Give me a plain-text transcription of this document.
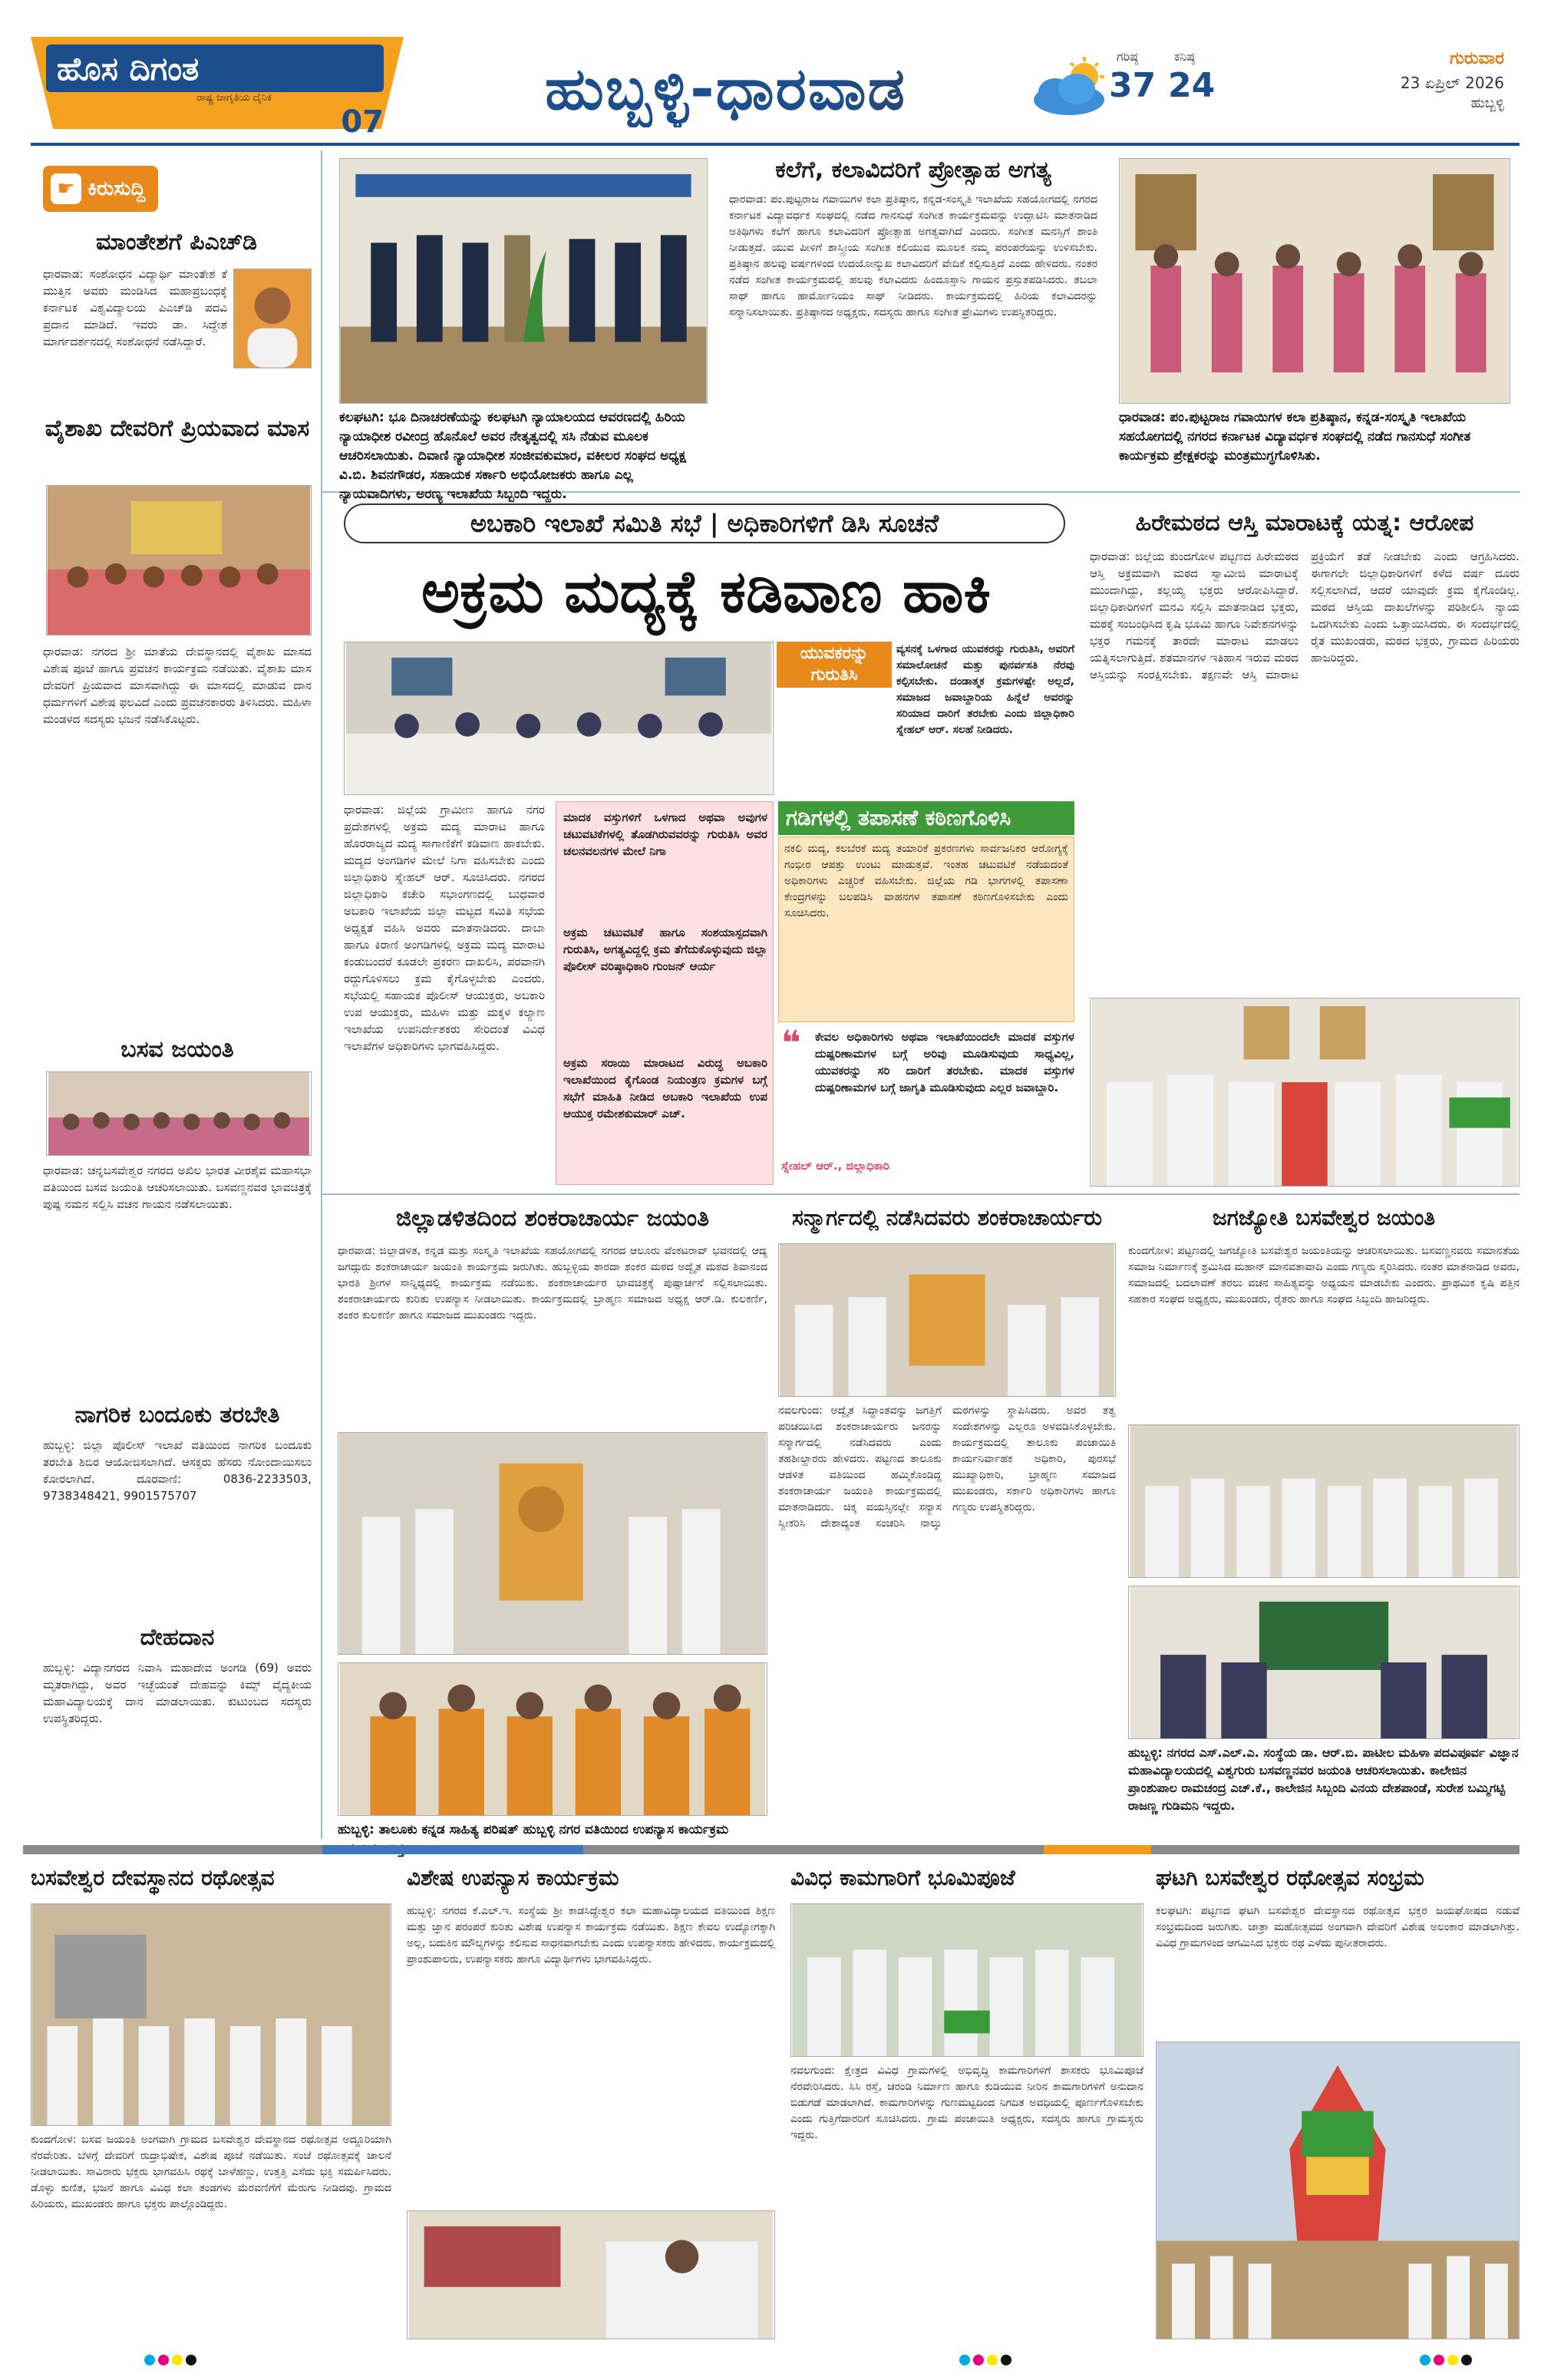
ಹೊಸ ದಿಗಂತ
ರಾಷ್ಟ್ರ ಜಾಗೃತಿಯ ದೈನಿಕ
07	ಹುಬ್ಬಳ್ಳಿ-ಧಾರವಾಡ	ಗರಿಷ್ಠ
37
ಕನಿಷ್ಠ
24
ಗುರುವಾರ
23 ಏಪ್ರಿಲ್ 2026
ಹುಬ್ಬಳ್ಳಿ
ಕಿರುಸುದ್ದಿ
☛
ಮಾಂತೇಶಗೆ ಪಿಎಚ್‌ಡಿ
ಧಾರವಾಡ: ಸಂಶೋಧನ ವಿದ್ಯಾರ್ಥಿ ಮಾಂತೇಶ ಕೆ ಮುತ್ತಿನ ಅವರು ಮಂಡಿಸಿದ ಮಹಾಪ್ರಬಂಧಕ್ಕೆ ಕರ್ನಾಟಕ ವಿಶ್ವವಿದ್ಯಾಲಯ ಪಿಎಚ್‌ಡಿ ಪದವಿ ಪ್ರದಾನ ಮಾಡಿದೆ. ಇವರು ಡಾ. ಸಿದ್ದೇಶ ಮಾರ್ಗದರ್ಶನದಲ್ಲಿ ಸಂಶೋಧನೆ ನಡೆಸಿದ್ದಾರೆ.
ವೈಶಾಖ ದೇವರಿಗೆ ಪ್ರಿಯವಾದ ಮಾಸ
ಧಾರವಾಡ: ನಗರದ ಶ್ರೀ ಮಾತೆಯ ದೇವಸ್ಥಾನದಲ್ಲಿ ವೈಶಾಖ ಮಾಸದ ವಿಶೇಷ ಪೂಜೆ ಹಾಗೂ ಪ್ರವಚನ ಕಾರ್ಯಕ್ರಮ ನಡೆಯಿತು. ವೈಶಾಖ ಮಾಸ ದೇವರಿಗೆ ಪ್ರಿಯವಾದ ಮಾಸವಾಗಿದ್ದು ಈ ಮಾಸದಲ್ಲಿ ಮಾಡುವ ದಾನ ಧರ್ಮಗಳಿಗೆ ವಿಶೇಷ ಫಲವಿದೆ ಎಂದು ಪ್ರವಚನಕಾರರು ತಿಳಿಸಿದರು. ಮಹಿಳಾ ಮಂಡಳದ ಸದಸ್ಯರು ಭಜನೆ ನಡೆಸಿಕೊಟ್ಟರು.
ಬಸವ ಜಯಂತಿ
ಧಾರವಾಡ: ಚನ್ನಬಸವೇಶ್ವರ ನಗರದ ಅಖಿಲ ಭಾರತ ವೀರಶೈವ ಮಹಾಸಭಾ ವತಿಯಿಂದ ಬಸವ ಜಯಂತಿ ಆಚರಿಸಲಾಯಿತು. ಬಸವಣ್ಣನವರ ಭಾವಚಿತ್ರಕ್ಕೆ ಪುಷ್ಪ ನಮನ ಸಲ್ಲಿಸಿ ವಚನ ಗಾಯನ ನಡೆಸಲಾಯಿತು.
ನಾಗರಿಕ ಬಂದೂಕು ತರಬೇತಿ
ಹುಬ್ಬಳ್ಳಿ: ಜಿಲ್ಲಾ ಪೊಲೀಸ್ ಇಲಾಖೆ ವತಿಯಿಂದ ನಾಗರಿಕ ಬಂದೂಕು ತರಬೇತಿ ಶಿಬಿರ ಆಯೋಜಿಸಲಾಗಿದೆ. ಆಸಕ್ತರು ಹೆಸರು ನೋಂದಾಯಿಸಲು ಕೋರಲಾಗಿದೆ. ದೂರವಾಣಿ: 0836-2233503, 9738348421, 9901575707
ದೇಹದಾನ
ಹುಬ್ಬಳ್ಳಿ: ವಿದ್ಯಾನಗರದ ನಿವಾಸಿ ಮಹಾದೇವ ಅಂಗಡಿ (69) ಅವರು ಮೃತರಾಗಿದ್ದು, ಅವರ ಇಚ್ಛೆಯಂತೆ ದೇಹವನ್ನು ಕಿಮ್ಸ್ ವೈದ್ಯಕೀಯ ಮಹಾವಿದ್ಯಾಲಯಕ್ಕೆ ದಾನ ಮಾಡಲಾಯಿತು. ಕುಟುಂಬದ ಸದಸ್ಯರು ಉಪಸ್ಥಿತರಿದ್ದರು.
ಕಲಘಟಗಿ: ಭೂ ದಿನಾಚರಣೆಯನ್ನು ಕಲಘಟಗಿ ನ್ಯಾಯಾಲಯದ ಆವರಣದಲ್ಲಿ ಹಿರಿಯ ನ್ಯಾಯಾಧೀಶ ರವೀಂದ್ರ ಹೊನೊಲೆ ಅವರ ನೇತೃತ್ವದಲ್ಲಿ ಸಸಿ ನೆಡುವ ಮೂಲಕ ಆಚರಿಸಲಾಯಿತು. ದಿವಾಣಿ ನ್ಯಾಯಾಧೀಶ ಸಂಜೀವಕುಮಾರ, ವಕೀಲರ ಸಂಘದ ಅಧ್ಯಕ್ಷ ವಿ.ಬಿ. ಶಿವನಗೌಡರ, ಸಹಾಯಕ ಸರ್ಕಾರಿ ಅಭಿಯೋಜಕರು ಹಾಗೂ ಎಲ್ಲ ನ್ಯಾಯವಾದಿಗಳು, ಅರಣ್ಯ ಇಲಾಖೆಯ ಸಿಬ್ಬಂದಿ ಇದ್ದರು.
ಕಲೆಗೆ, ಕಲಾವಿದರಿಗೆ ಪ್ರೋತ್ಸಾಹ ಅಗತ್ಯ
ಧಾರವಾಡ: ಪಂ.ಪುಟ್ಟರಾಜ ಗವಾಯಿಗಳ ಕಲಾ ಪ್ರತಿಷ್ಠಾನ, ಕನ್ನಡ-ಸಂಸ್ಕೃತಿ ಇಲಾಖೆಯ ಸಹಯೋಗದಲ್ಲಿ ನಗರದ ಕರ್ನಾಟಕ ವಿದ್ಯಾವರ್ಧಕ ಸಂಘದಲ್ಲಿ ನಡೆದ ಗಾನಸುಧೆ ಸಂಗೀತ ಕಾರ್ಯಕ್ರಮವನ್ನು ಉದ್ಘಾಟಿಸಿ ಮಾತನಾಡಿದ ಅತಿಥಿಗಳು ಕಲೆಗೆ ಹಾಗೂ ಕಲಾವಿದರಿಗೆ ಪ್ರೋತ್ಸಾಹ ಅಗತ್ಯವಾಗಿದೆ ಎಂದರು. ಸಂಗೀತ ಮನಸ್ಸಿಗೆ ಶಾಂತಿ ನೀಡುತ್ತದೆ. ಯುವ ಪೀಳಿಗೆ ಶಾಸ್ತ್ರೀಯ ಸಂಗೀತ ಕಲಿಯುವ ಮೂಲಕ ನಮ್ಮ ಪರಂಪರೆಯನ್ನು ಉಳಿಸಬೇಕು. ಪ್ರತಿಷ್ಠಾನ ಹಲವು ವರ್ಷಗಳಿಂದ ಉದಯೋನ್ಮುಖ ಕಲಾವಿದರಿಗೆ ವೇದಿಕೆ ಕಲ್ಪಿಸುತ್ತಿದೆ ಎಂದು ಹೇಳಿದರು. ನಂತರ ನಡೆದ ಸಂಗೀತ ಕಾರ್ಯಕ್ರಮದಲ್ಲಿ ಹಲವು ಕಲಾವಿದರು ಹಿಂದೂಸ್ತಾನಿ ಗಾಯನ ಪ್ರಸ್ತುತಪಡಿಸಿದರು. ತಬಲಾ ಸಾಥ್ ಹಾಗೂ ಹಾರ್ಮೋನಿಯಂ ಸಾಥ್ ನೀಡಿದರು. ಕಾರ್ಯಕ್ರಮದಲ್ಲಿ ಹಿರಿಯ ಕಲಾವಿದರನ್ನು ಸನ್ಮಾನಿಸಲಾಯಿತು. ಪ್ರತಿಷ್ಠಾನದ ಅಧ್ಯಕ್ಷರು, ಸದಸ್ಯರು ಹಾಗೂ ಸಂಗೀತ ಪ್ರೇಮಿಗಳು ಉಪಸ್ಥಿತರಿದ್ದರು.
ಧಾರವಾಡ: ಪಂ.ಪುಟ್ಟರಾಜ ಗವಾಯಿಗಳ ಕಲಾ ಪ್ರತಿಷ್ಠಾನ, ಕನ್ನಡ-ಸಂಸ್ಕೃತಿ ಇಲಾಖೆಯ ಸಹಯೋಗದಲ್ಲಿ ನಗರದ ಕರ್ನಾಟಕ ವಿದ್ಯಾವರ್ಧಕ ಸಂಘದಲ್ಲಿ ನಡೆದ ಗಾನಸುಧೆ ಸಂಗೀತ ಕಾರ್ಯಕ್ರಮ ಪ್ರೇಕ್ಷಕರನ್ನು ಮಂತ್ರಮುಗ್ಧಗೊಳಿಸಿತು.
ಅಬಕಾರಿ ಇಲಾಖೆ ಸಮಿತಿ ಸಭೆ | ಅಧಿಕಾರಿಗಳಿಗೆ ಡಿಸಿ ಸೂಚನೆ
ಅಕ್ರಮ ಮದ್ಯಕ್ಕೆ ಕಡಿವಾಣ ಹಾಕಿ
ಯುವಕರನ್ನು ಗುರುತಿಸಿ
ವ್ಯಸನಕ್ಕೆ ಒಳಗಾದ ಯುವಕರನ್ನು ಗುರುತಿಸಿ, ಅವರಿಗೆ ಸಮಾಲೋಚನೆ ಮತ್ತು ಪುನರ್ವಸತಿ ನೆರವು ಕಲ್ಪಿಸಬೇಕು. ದಂಡಾತ್ಮಕ ಕ್ರಮಗಳಷ್ಟೇ ಅಲ್ಲದೆ, ಸಮಾಜದ ಜವಾಬ್ದಾರಿಯ ಹಿನ್ನೆಲೆ ಅವರನ್ನು ಸರಿಯಾದ ದಾರಿಗೆ ತರಬೇಕು ಎಂದು ಜಿಲ್ಲಾಧಿಕಾರಿ ಸ್ನೇಹಲ್ ಆರ್. ಸಲಹೆ ನೀಡಿದರು.
ಧಾರವಾಡ: ಜಿಲ್ಲೆಯ ಗ್ರಾಮೀಣ ಹಾಗೂ ನಗರ ಪ್ರದೇಶಗಳಲ್ಲಿ ಅಕ್ರಮ ಮದ್ಯ ಮಾರಾಟ ಹಾಗೂ ಹೊರರಾಜ್ಯದ ಮದ್ಯ ಸಾಗಾಣಿಕೆಗೆ ಕಡಿವಾಣ ಹಾಕಬೇಕು. ಮದ್ಯದ ಅಂಗಡಿಗಳ ಮೇಲೆ ನಿಗಾ ವಹಿಸಬೇಕು ಎಂದು ಜಿಲ್ಲಾಧಿಕಾರಿ ಸ್ನೇಹಲ್ ಆರ್. ಸೂಚಿಸಿದರು. ನಗರದ ಜಿಲ್ಲಾಧಿಕಾರಿ ಕಚೇರಿ ಸಭಾಂಗಣದಲ್ಲಿ ಬುಧವಾರ ಅಬಕಾರಿ ಇಲಾಖೆಯ ಜಿಲ್ಲಾ ಮಟ್ಟದ ಸಮಿತಿ ಸಭೆಯ ಅಧ್ಯಕ್ಷತೆ ವಹಿಸಿ ಅವರು ಮಾತನಾಡಿದರು. ದಾಬಾ ಹಾಗೂ ಕಿರಾಣಿ ಅಂಗಡಿಗಳಲ್ಲಿ ಅಕ್ರಮ ಮದ್ಯ ಮಾರಾಟ ಕಂಡುಬಂದರೆ ಕೂಡಲೇ ಪ್ರಕರಣ ದಾಖಲಿಸಿ, ಪರವಾನಗಿ ರದ್ದುಗೊಳಿಸಲು ಕ್ರಮ ಕೈಗೊಳ್ಳಬೇಕು ಎಂದರು. ಸಭೆಯಲ್ಲಿ ಸಹಾಯಕ ಪೊಲೀಸ್ ಆಯುಕ್ತರು, ಅಬಕಾರಿ ಉಪ ಆಯುಕ್ತರು, ಮಹಿಳಾ ಮತ್ತು ಮಕ್ಕಳ ಕಲ್ಯಾಣ ಇಲಾಖೆಯ ಉಪನಿರ್ದೇಶಕರು ಸೇರಿದಂತೆ ವಿವಿಧ ಇಲಾಖೆಗಳ ಅಧಿಕಾರಿಗಳು ಭಾಗವಹಿಸಿದ್ದರು.
ಮಾದಕ ವಸ್ತುಗಳಿಗೆ ಒಳಗಾದ ಅಥವಾ ಅವುಗಳ ಚಟುವಟಿಕೆಗಳಲ್ಲಿ ತೊಡಗಿರುವವರನ್ನು ಗುರುತಿಸಿ ಅವರ ಚಲನವಲನಗಳ ಮೇಲೆ ನಿಗಾ
ಅಕ್ರಮ ಚಟುವಟಿಕೆ ಹಾಗೂ ಸಂಶಯಾಸ್ಪದವಾಗಿ ಗುರುತಿಸಿ, ಅಗತ್ಯವಿದ್ದಲ್ಲಿ ಕ್ರಮ ತೆಗೆದುಕೊಳ್ಳುವುದು ಜಿಲ್ಲಾ ಪೊಲೀಸ್ ವರಿಷ್ಠಾಧಿಕಾರಿ ಗುಂಜನ್ ಆರ್ಯ
ಅಕ್ರಮ ಸರಾಯಿ ಮಾರಾಟದ ವಿರುದ್ಧ ಅಬಕಾರಿ ಇಲಾಖೆಯಿಂದ ಕೈಗೊಂಡ ನಿಯಂತ್ರಣ ಕ್ರಮಗಳ ಬಗ್ಗೆ ಸಭೆಗೆ ಮಾಹಿತಿ ನೀಡಿದ ಅಬಕಾರಿ ಇಲಾಖೆಯ ಉಪ ಆಯುಕ್ತ ರಮೇಶಕುಮಾರ್ ಎಚ್.
ಗಡಿಗಳಲ್ಲಿ ತಪಾಸಣೆ ಕಠಿಣಗೊಳಿಸಿ
ನಕಲಿ ಮದ್ಯ, ಕಲಬೆರಕೆ ಮದ್ಯ ತಯಾರಿಕೆ ಪ್ರಕರಣಗಳು ಸಾರ್ವಜನಿಕರ ಆರೋಗ್ಯಕ್ಕೆ ಗಂಭೀರ ಆಪತ್ತು ಉಂಟು ಮಾಡುತ್ತವೆ. ಇಂತಹ ಚಟುವಟಿಕೆ ನಡೆಯದಂತೆ ಅಧಿಕಾರಿಗಳು ಎಚ್ಚರಿಕೆ ವಹಿಸಬೇಕು. ಜಿಲ್ಲೆಯ ಗಡಿ ಭಾಗಗಳಲ್ಲಿ ತಪಾಸಣಾ ಕೇಂದ್ರಗಳನ್ನು ಬಲಪಡಿಸಿ ವಾಹನಗಳ ತಪಾಸಣೆ ಕಠಿಣಗೊಳಿಸಬೇಕು ಎಂದು ಸೂಚಿಸಿದರು.
❝	ಕೇವಲ ಅಧಿಕಾರಿಗಳು ಅಥವಾ ಇಲಾಖೆಯಿಂದಲೇ ಮಾದಕ ವಸ್ತುಗಳ ದುಷ್ಪರಿಣಾಮಗಳ ಬಗ್ಗೆ ಅರಿವು ಮೂಡಿಸುವುದು ಸಾಧ್ಯವಿಲ್ಲ, ಯುವಕರನ್ನು ಸರಿ ದಾರಿಗೆ ತರಬೇಕು. ಮಾದಕ ವಸ್ತುಗಳ ದುಷ್ಪರಿಣಾಮಗಳ ಬಗ್ಗೆ ಜಾಗೃತಿ ಮೂಡಿಸುವುದು ಎಲ್ಲರ ಜವಾಬ್ದಾರಿ.
ಸ್ನೇಹಲ್ ಆರ್., ಜಿಲ್ಲಾಧಿಕಾರಿ
ಹಿರೇಮಠದ ಆಸ್ತಿ ಮಾರಾಟಕ್ಕೆ ಯತ್ನ: ಆರೋಪ
ಧಾರವಾಡ: ಜಿಲ್ಲೆಯ ಕುಂದಗೋಳ ಪಟ್ಟಣದ ಹಿರೇಮಠದ ಆಸ್ತಿ ಅಕ್ರಮವಾಗಿ ಮಠದ ಸ್ವಾಮೀಜಿ ಮಾರಾಟಕ್ಕೆ ಮುಂದಾಗಿದ್ದು, ಕಲ್ಲಯ್ಯ ಭಕ್ತರು ಆರೋಪಿಸಿದ್ದಾರೆ. ಜಿಲ್ಲಾಧಿಕಾರಿಗಳಿಗೆ ಮನವಿ ಸಲ್ಲಿಸಿ ಮಾತನಾಡಿದ ಭಕ್ತರು, ಮಠಕ್ಕೆ ಸಂಬಂಧಿಸಿದ ಕೃಷಿ ಭೂಮಿ ಹಾಗೂ ನಿವೇಶನಗಳನ್ನು ಭಕ್ತರ ಗಮನಕ್ಕೆ ತಾರದೇ ಮಾರಾಟ ಮಾಡಲು ಯತ್ನಿಸಲಾಗುತ್ತಿದೆ. ಶತಮಾನಗಳ ಇತಿಹಾಸ ಇರುವ ಮಠದ ಆಸ್ತಿಯನ್ನು ಸಂರಕ್ಷಿಸಬೇಕು. ತಕ್ಷಣವೇ ಆಸ್ತಿ ಮಾರಾಟ ಪ್ರಕ್ರಿಯೆಗೆ ತಡೆ ನೀಡಬೇಕು ಎಂದು ಆಗ್ರಹಿಸಿದರು. ಈಗಾಗಲೇ ಜಿಲ್ಲಾಧಿಕಾರಿಗಳಿಗೆ ಕಳೆದ ವರ್ಷ ದೂರು ಸಲ್ಲಿಸಲಾಗಿದೆ, ಆದರೆ ಯಾವುದೇ ಕ್ರಮ ಕೈಗೊಂಡಿಲ್ಲ. ಮಠದ ಆಸ್ತಿಯ ದಾಖಲೆಗಳನ್ನು ಪರಿಶೀಲಿಸಿ ನ್ಯಾಯ ಒದಗಿಸಬೇಕು ಎಂದು ಒತ್ತಾಯಿಸಿದರು. ಈ ಸಂದರ್ಭದಲ್ಲಿ ರೈತ ಮುಖಂಡರು, ಮಠದ ಭಕ್ತರು, ಗ್ರಾಮದ ಹಿರಿಯರು ಹಾಜರಿದ್ದರು.
ಜಿಲ್ಲಾಡಳಿತದಿಂದ ಶಂಕರಾಚಾರ್ಯ ಜಯಂತಿ
ಧಾರವಾಡ: ಜಿಲ್ಲಾಡಳಿತ, ಕನ್ನಡ ಮತ್ತು ಸಂಸ್ಕೃತಿ ಇಲಾಖೆಯ ಸಹಯೋಗದಲ್ಲಿ ನಗರದ ಆಲೂರು ವೆಂಕಟರಾವ್ ಭವನದಲ್ಲಿ ಆದ್ಯ ಜಗದ್ಗುರು ಶಂಕರಾಚಾರ್ಯ ಜಯಂತಿ ಕಾರ್ಯಕ್ರಮ ಜರುಗಿತು. ಹುಬ್ಬಳ್ಳಿಯ ಶಾರದಾ ಶಂಕರ ಮಠದ ಅದ್ವೈತ ಮಠದ ಶಿವಾನಂದ ಭಾರತಿ ಶ್ರೀಗಳ ಸಾನ್ನಿಧ್ಯದಲ್ಲಿ ಕಾರ್ಯಕ್ರಮ ನಡೆಯಿತು. ಶಂಕರಾಚಾರ್ಯರ ಭಾವಚಿತ್ರಕ್ಕೆ ಪುಷ್ಪಾರ್ಚನೆ ಸಲ್ಲಿಸಲಾಯಿತು. ಶಂಕರಾಚಾರ್ಯರು ಕುರಿತು ಉಪನ್ಯಾಸ ನೀಡಲಾಯಿತು. ಕಾರ್ಯಕ್ರಮದಲ್ಲಿ ಬ್ರಾಹ್ಮಣ ಸಮಾಜದ ಅಧ್ಯಕ್ಷ ಆರ್.ಡಿ. ಕುಲಕರ್ಣಿ, ಶಂಕರ ಕುಲಕರ್ಣಿ ಹಾಗೂ ಸಮಾಜದ ಮುಖಂಡರು ಇದ್ದರು.
ಹುಬ್ಬಳ್ಳಿ: ತಾಲೂಕು ಕನ್ನಡ ಸಾಹಿತ್ಯ ಪರಿಷತ್ ಹುಬ್ಬಳ್ಳಿ ನಗರ ವತಿಯಿಂದ ಉಪನ್ಯಾಸ ಕಾರ್ಯಕ್ರಮ
ಸನ್ಮಾರ್ಗದಲ್ಲಿ ನಡೆಸಿದವರು ಶಂಕರಾಚಾರ್ಯರು
ನವಲಗುಂದ: ಅದ್ವೈತ ಸಿದ್ಧಾಂತವನ್ನು ಜಗತ್ತಿಗೆ ಪರಿಚಯಿಸಿದ ಶಂಕರಾಚಾರ್ಯರು ಜನರನ್ನು ಸನ್ಮಾರ್ಗದಲ್ಲಿ ನಡೆಸಿದವರು ಎಂದು ತಹಶೀಲ್ದಾರರು ಹೇಳಿದರು. ಪಟ್ಟಣದ ತಾಲೂಕು ಆಡಳಿತ ವತಿಯಿಂದ ಹಮ್ಮಿಕೊಂಡಿದ್ದ ಶಂಕರಾಚಾರ್ಯ ಜಯಂತಿ ಕಾರ್ಯಕ್ರಮದಲ್ಲಿ ಮಾತನಾಡಿದರು. ಚಿಕ್ಕ ವಯಸ್ಸಿನಲ್ಲೇ ಸನ್ಯಾಸ ಸ್ವೀಕರಿಸಿ ದೇಶಾದ್ಯಂತ ಸಂಚರಿಸಿ ನಾಲ್ಕು ಮಠಗಳನ್ನು ಸ್ಥಾಪಿಸಿದರು. ಅವರ ತತ್ವ ಸಂದೇಶಗಳನ್ನು ಎಲ್ಲರೂ ಅಳವಡಿಸಿಕೊಳ್ಳಬೇಕು. ಕಾರ್ಯಕ್ರಮದಲ್ಲಿ ತಾಲೂಕು ಪಂಚಾಯಿತಿ ಕಾರ್ಯನಿರ್ವಾಹಕ ಅಧಿಕಾರಿ, ಪುರಸಭೆ ಮುಖ್ಯಾಧಿಕಾರಿ, ಬ್ರಾಹ್ಮಣ ಸಮಾಜದ ಮುಖಂಡರು, ಸರ್ಕಾರಿ ಅಧಿಕಾರಿಗಳು ಹಾಗೂ ಗಣ್ಯರು ಉಪಸ್ಥಿತರಿದ್ದರು.
ಜಗಜ್ಯೋತಿ ಬಸವೇಶ್ವರ ಜಯಂತಿ
ಕುಂದಗೋಳ: ಪಟ್ಟಣದಲ್ಲಿ ಜಗಜ್ಯೋತಿ ಬಸವೇಶ್ವರ ಜಯಂತಿಯನ್ನು ಆಚರಿಸಲಾಯಿತು. ಬಸವಣ್ಣನವರು ಸಮಾನತೆಯ ಸಮಾಜ ನಿರ್ಮಾಣಕ್ಕೆ ಶ್ರಮಿಸಿದ ಮಹಾನ್ ಮಾನವತಾವಾದಿ ಎಂದು ಗಣ್ಯರು ಸ್ಮರಿಸಿದರು. ನಂತರ ಮಾತನಾಡಿದ ಅವರು, ಸಮಾಜದಲ್ಲಿ ಬದಲಾವಣೆ ತರಲು ವಚನ ಸಾಹಿತ್ಯವನ್ನು ಅಧ್ಯಯನ ಮಾಡಬೇಕು ಎಂದರು. ಪ್ರಾಥಮಿಕ ಕೃಷಿ ಪತ್ತಿನ ಸಹಕಾರ ಸಂಘದ ಅಧ್ಯಕ್ಷರು, ಮುಖಂಡರು, ರೈತರು ಹಾಗೂ ಸಂಘದ ಸಿಬ್ಬಂದಿ ಹಾಜರಿದ್ದರು.
ಹುಬ್ಬಳ್ಳಿ: ನಗರದ ಎಸ್.ಎಲ್.ಎ. ಸಂಸ್ಥೆಯ ಡಾ. ಆರ್.ಬಿ. ಪಾಟೀಲ ಮಹಿಳಾ ಪದವಿಪೂರ್ವ ವಿಜ್ಞಾನ ಮಹಾವಿದ್ಯಾಲಯದಲ್ಲಿ ವಿಶ್ವಗುರು ಬಸವಣ್ಣನವರ ಜಯಂತಿ ಆಚರಿಸಲಾಯಿತು. ಕಾಲೇಜಿನ ಪ್ರಾಂಶುಪಾಲ ರಾಮಚಂದ್ರ ಎಚ್.ಕೆ., ಕಾಲೇಜಿನ ಸಿಬ್ಬಂದಿ ವಿನಯ ದೇಶಪಾಂಡೆ, ಸುರೇಶ ಬಮ್ಮಿಗಟ್ಟಿ ರಾಜಣ್ಣ ಗುಡಿಮನಿ ಇದ್ದರು.
ಬಸವೇಶ್ವರ ದೇವಸ್ಥಾನದ ರಥೋತ್ಸವ
ಕುಂದಗೋಳ: ಬಸವ ಜಯಂತಿ ಅಂಗವಾಗಿ ಗ್ರಾಮದ ಬಸವೇಶ್ವರ ದೇವಸ್ಥಾನದ ರಥೋತ್ಸವ ಅದ್ದೂರಿಯಾಗಿ ನೆರವೇರಿತು. ಬೆಳಗ್ಗೆ ದೇವರಿಗೆ ರುದ್ರಾಭಿಷೇಕ, ವಿಶೇಷ ಪೂಜೆ ನಡೆಯಿತು. ಸಂಜೆ ರಥೋತ್ಸವಕ್ಕೆ ಚಾಲನೆ ನೀಡಲಾಯಿತು. ಸಾವಿರಾರು ಭಕ್ತರು ಭಾಗವಹಿಸಿ ರಥಕ್ಕೆ ಬಾಳೆಹಣ್ಣು, ಉತ್ತತ್ತಿ ಎಸೆದು ಭಕ್ತಿ ಸಮರ್ಪಿಸಿದರು. ಡೊಳ್ಳು ಕುಣಿತ, ಭಜನೆ ಹಾಗೂ ವಿವಿಧ ಕಲಾ ತಂಡಗಳು ಮೆರವಣಿಗೆಗೆ ಮೆರುಗು ನೀಡಿದವು. ಗ್ರಾಮದ ಹಿರಿಯರು, ಮುಖಂಡರು ಹಾಗೂ ಭಕ್ತರು ಪಾಲ್ಗೊಂಡಿದ್ದರು.
ವಿಶೇಷ ಉಪನ್ಯಾಸ ಕಾರ್ಯಕ್ರಮ
ಹುಬ್ಬಳ್ಳಿ: ನಗರದ ಕೆ.ಎಲ್.ಇ. ಸಂಸ್ಥೆಯ ಶ್ರೀ ಕಾಡಸಿದ್ಧೇಶ್ವರ ಕಲಾ ಮಹಾವಿದ್ಯಾಲಯದ ವತಿಯಿಂದ ಶಿಕ್ಷಣ ಮತ್ತು ಜ್ಞಾನ ಪರಂಪರೆ ಕುರಿತು ವಿಶೇಷ ಉಪನ್ಯಾಸ ಕಾರ್ಯಕ್ರಮ ನಡೆಯಿತು. ಶಿಕ್ಷಣ ಕೇವಲ ಉದ್ಯೋಗಕ್ಕಾಗಿ ಅಲ್ಲ, ಬದುಕಿನ ಮೌಲ್ಯಗಳನ್ನು ಕಲಿಸುವ ಸಾಧನವಾಗಬೇಕು ಎಂದು ಉಪನ್ಯಾಸಕರು ಹೇಳಿದರು. ಕಾರ್ಯಕ್ರಮದಲ್ಲಿ ಪ್ರಾಂಶುಪಾಲರು, ಉಪನ್ಯಾಸಕರು ಹಾಗೂ ವಿದ್ಯಾರ್ಥಿಗಳು ಭಾಗವಹಿಸಿದ್ದರು.
ವಿವಿಧ ಕಾಮಗಾರಿಗೆ ಭೂಮಿಪೂಜೆ
ನವಲಗುಂದ: ಕ್ಷೇತ್ರದ ವಿವಿಧ ಗ್ರಾಮಗಳಲ್ಲಿ ಅಭಿವೃದ್ಧಿ ಕಾಮಗಾರಿಗಳಿಗೆ ಶಾಸಕರು ಭೂಮಿಪೂಜೆ ನೆರವೇರಿಸಿದರು. ಸಿಸಿ ರಸ್ತೆ, ಚರಂಡಿ ನಿರ್ಮಾಣ ಹಾಗೂ ಕುಡಿಯುವ ನೀರಿನ ಕಾಮಗಾರಿಗಳಿಗೆ ಅನುದಾನ ಬಿಡುಗಡೆ ಮಾಡಲಾಗಿದೆ. ಕಾಮಗಾರಿಗಳನ್ನು ಗುಣಮಟ್ಟದಿಂದ ನಿಗದಿತ ಅವಧಿಯಲ್ಲಿ ಪೂರ್ಣಗೊಳಿಸಬೇಕು ಎಂದು ಗುತ್ತಿಗೆದಾರರಿಗೆ ಸೂಚಿಸಿದರು. ಗ್ರಾಮ ಪಂಚಾಯಿತಿ ಅಧ್ಯಕ್ಷರು, ಸದಸ್ಯರು ಹಾಗೂ ಗ್ರಾಮಸ್ಥರು ಇದ್ದರು.
ಘಟಗಿ ಬಸವೇಶ್ವರ ರಥೋತ್ಸವ ಸಂಭ್ರಮ
ಕಲಘಟಗಿ: ಪಟ್ಟಣದ ಘಟಗಿ ಬಸವೇಶ್ವರ ದೇವಸ್ಥಾನದ ರಥೋತ್ಸವ ಭಕ್ತರ ಜಯಘೋಷದ ನಡುವೆ ಸಂಭ್ರಮದಿಂದ ಜರುಗಿತು. ಜಾತ್ರಾ ಮಹೋತ್ಸವದ ಅಂಗವಾಗಿ ದೇವರಿಗೆ ವಿಶೇಷ ಅಲಂಕಾರ ಮಾಡಲಾಗಿತ್ತು. ವಿವಿಧ ಗ್ರಾಮಗಳಿಂದ ಆಗಮಿಸಿದ ಭಕ್ತರು ರಥ ಎಳೆದು ಪುನೀತರಾದರು.
